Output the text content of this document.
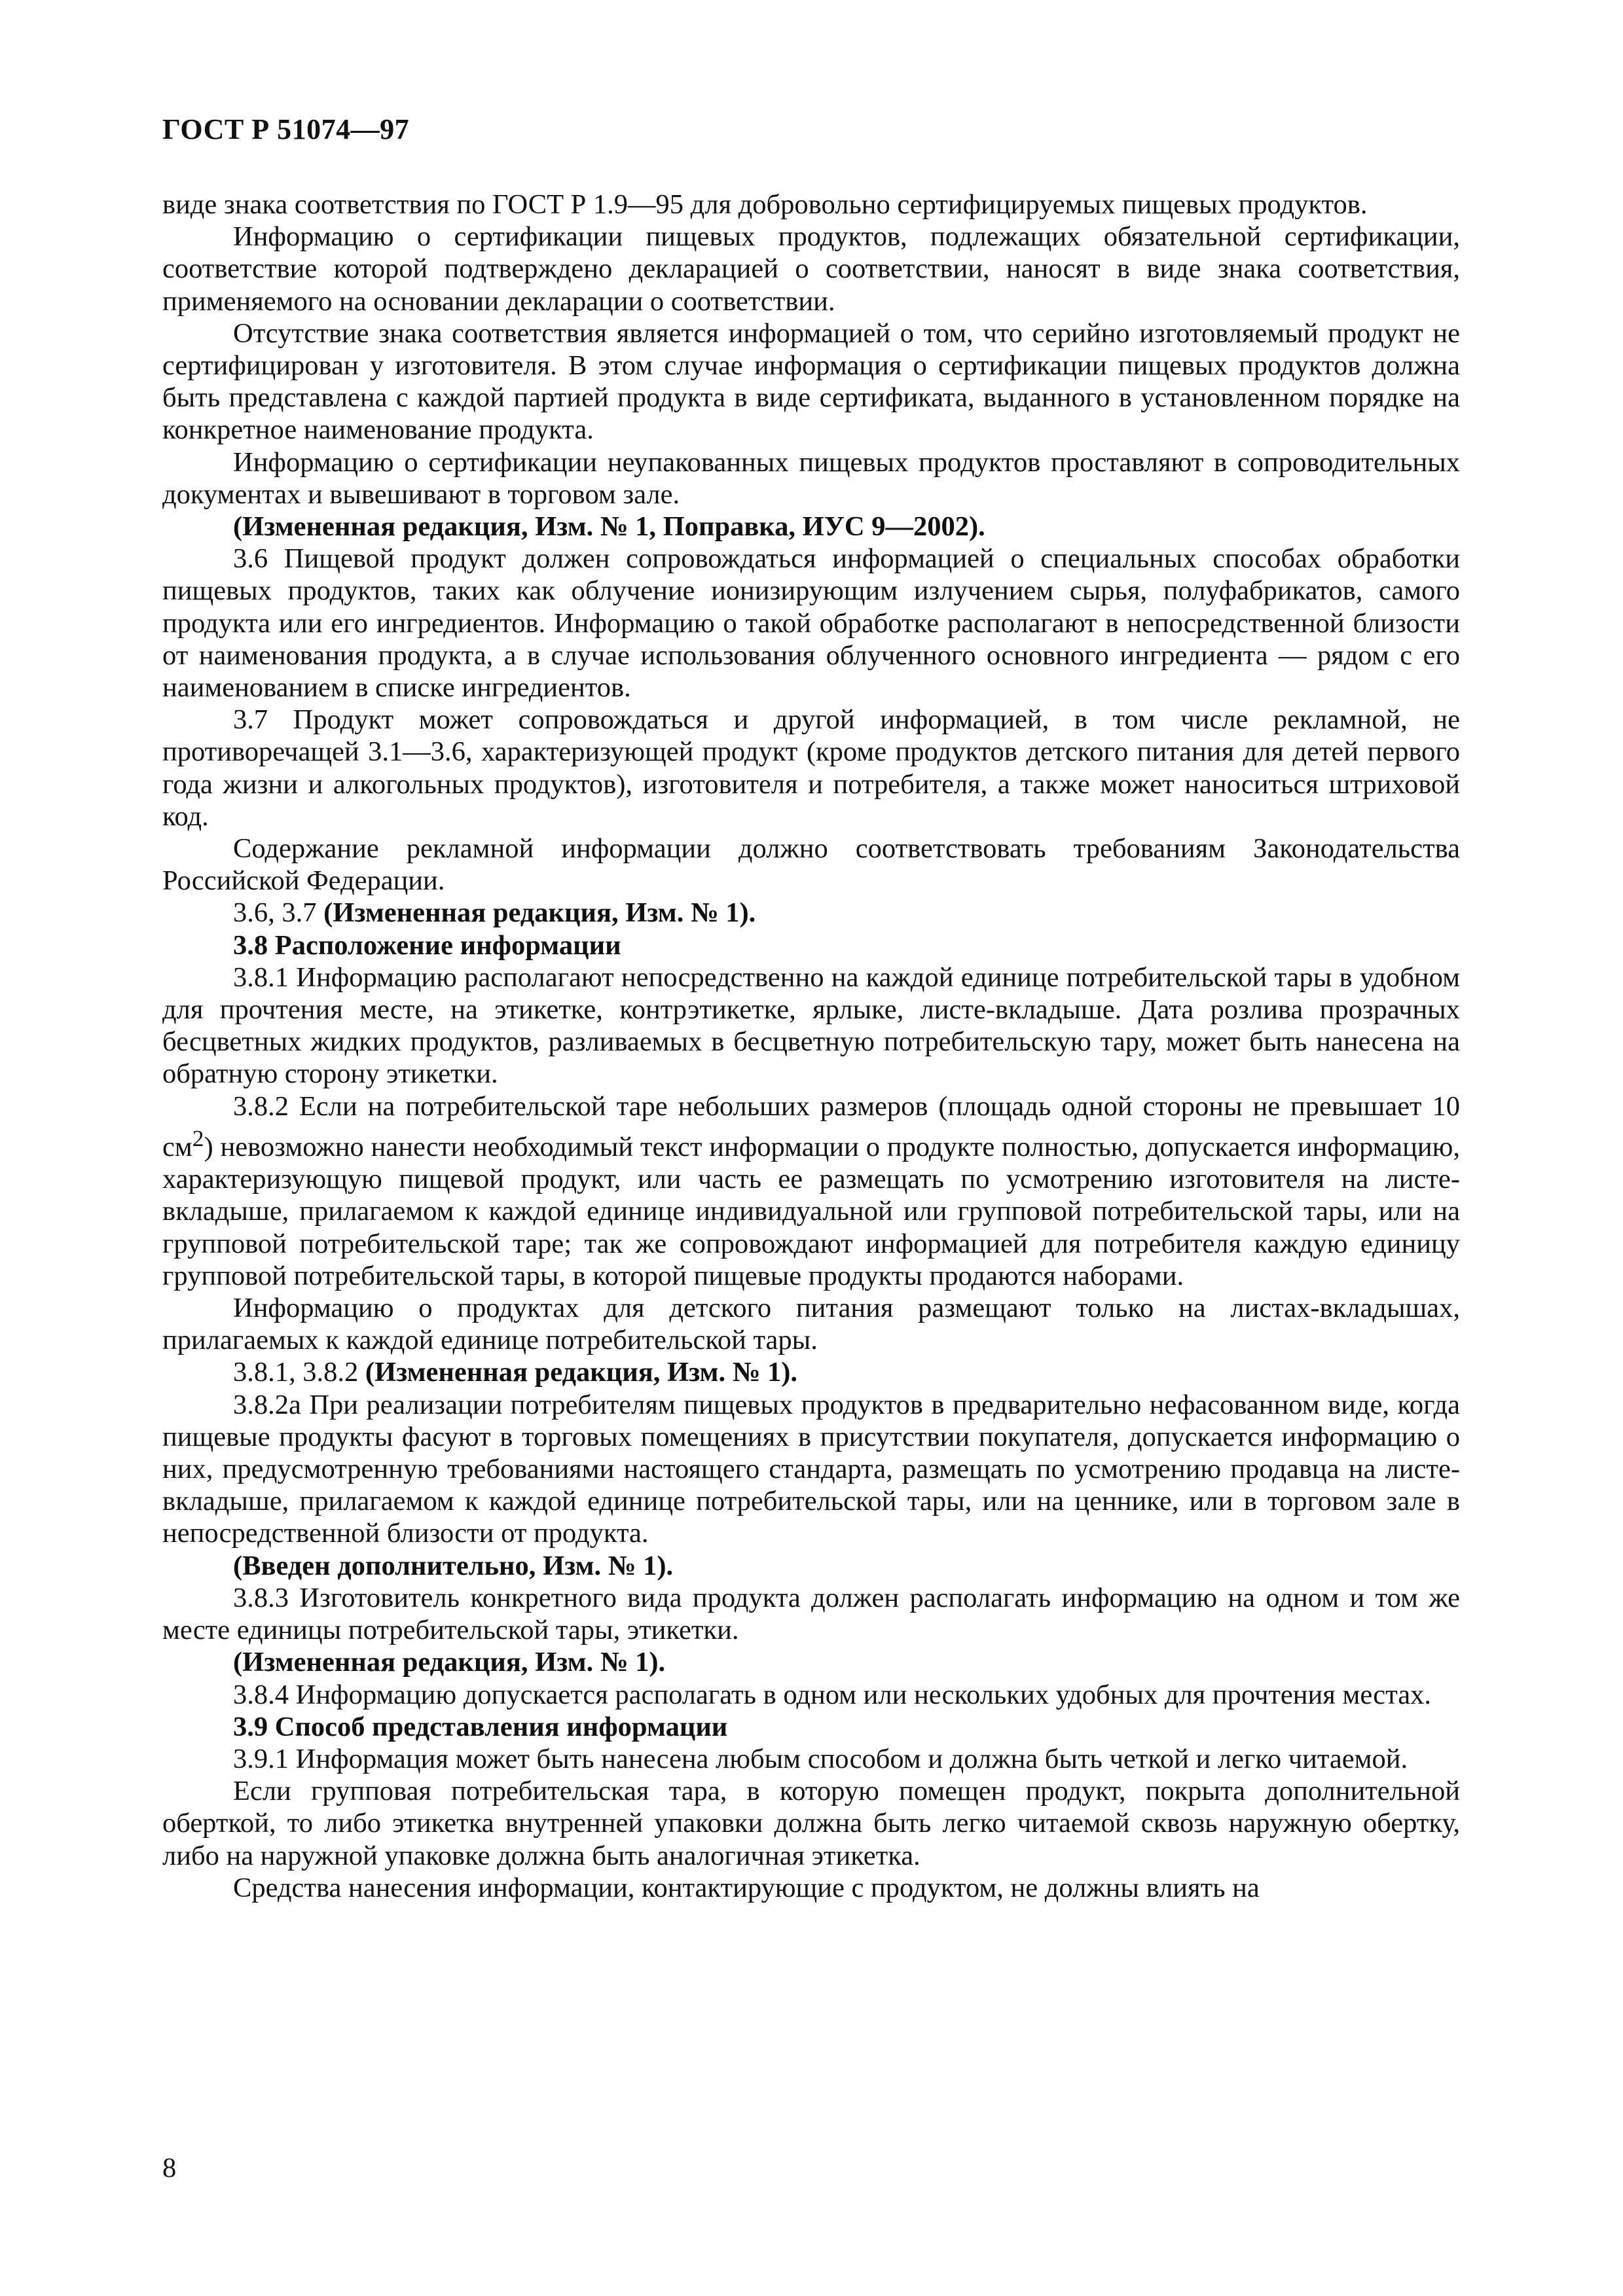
ГОСТ Р 51074—97

виде знака соответствия по ГОСТ Р 1.9—95 для добровольно сертифицируемых пищевых продуктов.

Информацию о сертификации пищевых продуктов, подлежащих обязательной сертификации, соответствие которой подтверждено декларацией о соответствии, наносят в виде знака соответствия, применяемого на основании декларации о соответствии.

Отсутствие знака соответствия является информацией о том, что серийно изготовляемый продукт не сертифицирован у изготовителя. В этом случае информация о сертификации пищевых продуктов должна быть представлена с каждой партией продукта в виде сертификата, выданного в установленном порядке на конкретное наименование продукта.

Информацию о сертификации неупакованных пищевых продуктов проставляют в сопроводительных документах и вывешивают в торговом зале.

(Измененная редакция, Изм. № 1, Поправка, ИУС 9—2002).

3.6 Пищевой продукт должен сопровождаться информацией о специальных способах обработки пищевых продуктов, таких как облучение ионизирующим излучением сырья, полуфабрикатов, самого продукта или его ингредиентов. Информацию о такой обработке располагают в непосредственной близости от наименования продукта, а в случае использования облученного основного ингредиента — рядом с его наименованием в списке ингредиентов.

3.7 Продукт может сопровождаться и другой информацией, в том числе рекламной, не противоречащей 3.1—3.6, характеризующей продукт (кроме продуктов детского питания для детей первого года жизни и алкогольных продуктов), изготовителя и потребителя, а также может наноситься штриховой код.

Содержание рекламной информации должно соответствовать требованиям Законодательства Российской Федерации.

3.6, 3.7 (Измененная редакция, Изм. № 1).

3.8 Расположение информации

3.8.1 Информацию располагают непосредственно на каждой единице потребительской тары в удобном для прочтения месте, на этикетке, контрэтикетке, ярлыке, листе-вкладыше. Дата розлива прозрачных бесцветных жидких продуктов, разливаемых в бесцветную потребительскую тару, может быть нанесена на обратную сторону этикетки.

3.8.2 Если на потребительской таре небольших размеров (площадь одной стороны не превышает 10 $см^2$) невозможно нанести необходимый текст информации о продукте полностью, допускается информацию, характеризующую пищевой продукт, или часть ее размещать по усмотрению изготовителя на листе-вкладыше, прилагаемом к каждой единице индивидуальной или групповой потребительской тары, или на групповой потребительской таре; так же сопровождают информацией для потребителя каждую единицу групповой потребительской тары, в которой пищевые продукты продаются наборами.

Информацию о продуктах для детского питания размещают только на листах-вкладышах, прилагаемых к каждой единице потребительской тары.

3.8.1, 3.8.2 (Измененная редакция, Изм. № 1).

3.8.2а При реализации потребителям пищевых продуктов в предварительно нефасованном виде, когда пищевые продукты фасуют в торговых помещениях в присутствии покупателя, допускается информацию о них, предусмотренную требованиями настоящего стандарта, размещать по усмотрению продавца на листе-вкладыше, прилагаемом к каждой единице потребительской тары, или на ценнике, или в торговом зале в непосредственной близости от продукта.

(Введен дополнительно, Изм. № 1).

3.8.3 Изготовитель конкретного вида продукта должен располагать информацию на одном и том же месте единицы потребительской тары, этикетки.

(Измененная редакция, Изм. № 1).

3.8.4 Информацию допускается располагать в одном или нескольких удобных для прочтения местах.

3.9 Способ представления информации

3.9.1 Информация может быть нанесена любым способом и должна быть четкой и легко читаемой.

Если групповая потребительская тара, в которую помещен продукт, покрыта дополнительной оберткой, то либо этикетка внутренней упаковки должна быть легко читаемой сквозь наружную обертку, либо на наружной упаковке должна быть аналогичная этикетка.

Средства нанесения информации, контактирующие с продуктом, не должны влиять на

8
